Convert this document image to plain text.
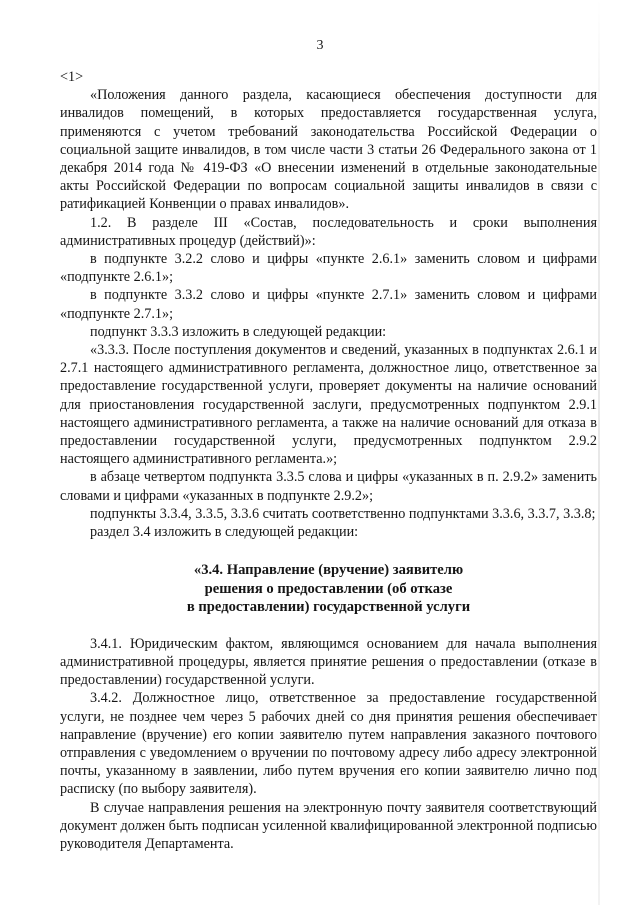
3

<1>

«Положения данного раздела, касающиеся обеспечения доступности для инвалидов помещений, в которых предоставляется государственная услуга, применяются с учетом требований законодательства Российской Федерации о социальной защите инвалидов, в том числе части 3 статьи 26 Федерального закона от 1 декабря 2014 года № 419-ФЗ «О внесении изменений в отдельные законодательные акты Российской Федерации по вопросам социальной защиты инвалидов в связи с ратификацией Конвенции о правах инвалидов».

1.2. В разделе III «Состав, последовательность и сроки выполнения административных процедур (действий)»:

в подпункте 3.2.2 слово и цифры «пункте 2.6.1» заменить словом и цифрами «подпункте 2.6.1»;

в подпункте 3.3.2 слово и цифры «пункте 2.7.1» заменить словом и цифрами «подпункте 2.7.1»;

подпункт 3.3.3 изложить в следующей редакции:

«3.3.3. После поступления документов и сведений, указанных в подпунктах 2.6.1 и 2.7.1 настоящего административного регламента, должностное лицо, ответственное за предоставление государственной услуги, проверяет документы на наличие оснований для приостановления государственной заслуги, предусмотренных подпунктом 2.9.1 настоящего административного регламента, а также на наличие оснований для отказа в предоставлении государственной услуги, предусмотренных подпунктом 2.9.2 настоящего административного регламента.»;

в абзаце четвертом подпункта 3.3.5 слова и цифры «указанных в п. 2.9.2» заменить словами и цифрами «указанных в подпункте 2.9.2»;

подпункты 3.3.4, 3.3.5, 3.3.6 считать соответственно подпунктами 3.3.6, 3.3.7, 3.3.8;

раздел 3.4 изложить в следующей редакции:

«3.4. Направление (вручение) заявителю
решения о предоставлении (об отказе
в предоставлении) государственной услуги

3.4.1. Юридическим фактом, являющимся основанием для начала выполнения административной процедуры, является принятие решения о предоставлении (отказе в предоставлении) государственной услуги.

3.4.2. Должностное лицо, ответственное за предоставление государственной услуги, не позднее чем через 5 рабочих дней со дня принятия решения обеспечивает направление (вручение) его копии заявителю путем направления заказного почтового отправления с уведомлением о вручении по почтовому адресу либо адресу электронной почты, указанному в заявлении, либо путем вручения его копии заявителю лично под расписку (по выбору заявителя).

В случае направления решения на электронную почту заявителя соответствующий документ должен быть подписан усиленной квалифицированной электронной подписью руководителя Департамента.
